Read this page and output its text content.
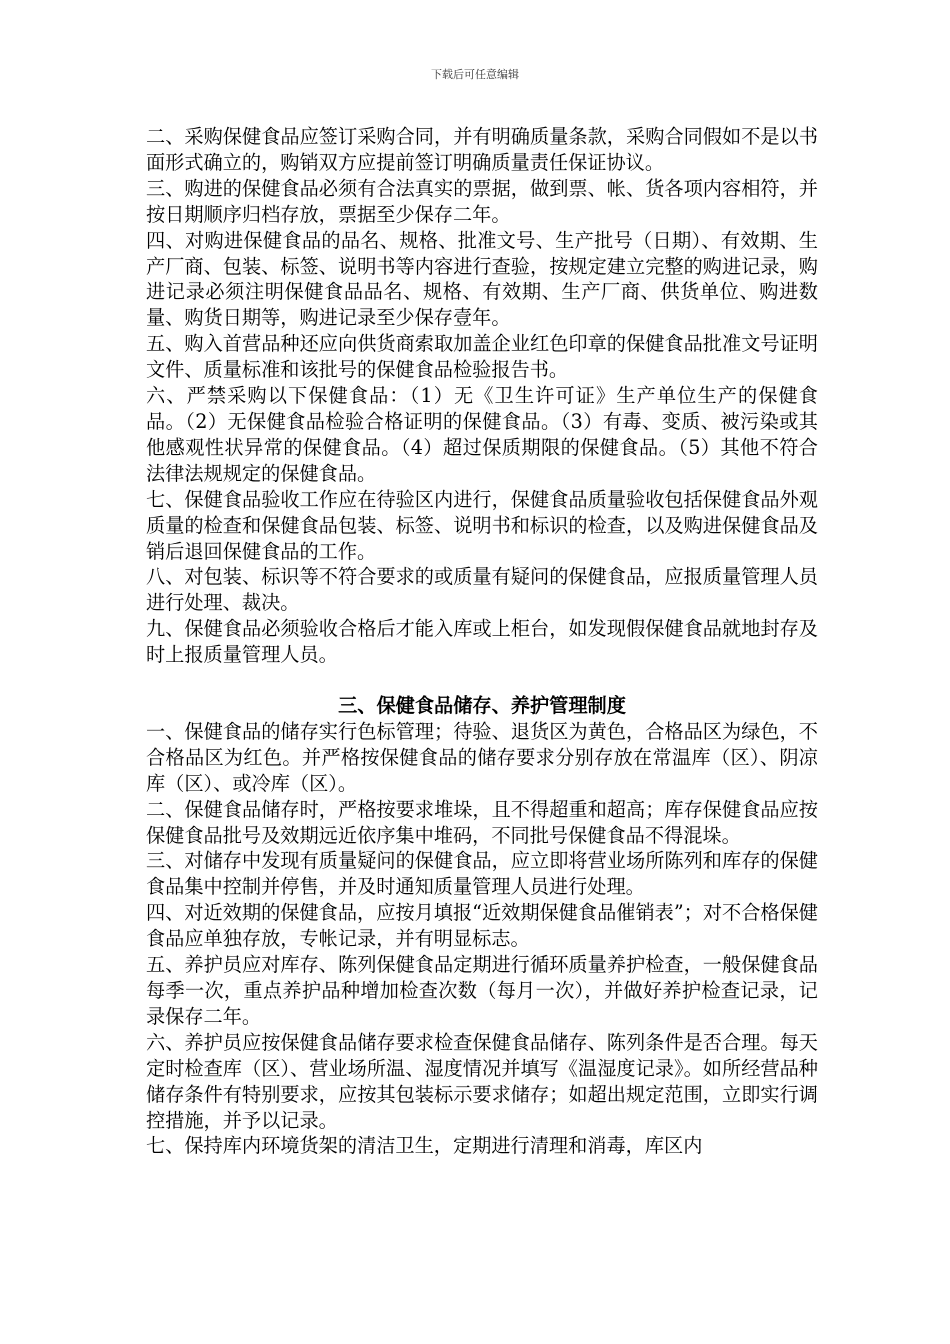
下载后可任意编辑

二、采购保健食品应签订采购合同，并有明确质量条款，采购合同假如不是以书面形式确立的，购销双方应提前签订明确质量责任保证协议。

三、购进的保健食品必须有合法真实的票据，做到票、帐、货各项内容相符，并按日期顺序归档存放，票据至少保存二年。

四、对购进保健食品的品名、规格、批准文号、生产批号（日期）、有效期、生产厂商、包装、标签、说明书等内容进行查验，按规定建立完整的购进记录，购进记录必须注明保健食品品名、规格、有效期、生产厂商、供货单位、购进数量、购货日期等，购进记录至少保存壹年。

五、购入首营品种还应向供货商索取加盖企业红色印章的保健食品批准文号证明文件、质量标准和该批号的保健食品检验报告书。

六、严禁采购以下保健食品：（1）无《卫生许可证》生产单位生产的保健食品。（2）无保健食品检验合格证明的保健食品。（3）有毒、变质、被污染或其他感观性状异常的保健食品。（4）超过保质期限的保健食品。（5）其他不符合法律法规规定的保健食品。

七、保健食品验收工作应在待验区内进行，保健食品质量验收包括保健食品外观质量的检查和保健食品包装、标签、说明书和标识的检查，以及购进保健食品及销后退回保健食品的工作。

八、对包装、标识等不符合要求的或质量有疑问的保健食品，应报质量管理人员进行处理、裁决。

九、保健食品必须验收合格后才能入库或上柜台，如发现假保健食品就地封存及时上报质量管理人员。

三、保健食品储存、养护管理制度

一、保健食品的储存实行色标管理；待验、退货区为黄色，合格品区为绿色，不合格品区为红色。并严格按保健食品的储存要求分别存放在常温库（区）、阴凉库（区）、或冷库（区）。

二、保健食品储存时，严格按要求堆垛，且不得超重和超高；库存保健食品应按保健食品批号及效期远近依序集中堆码，不同批号保健食品不得混垛。

三、对储存中发现有质量疑问的保健食品，应立即将营业场所陈列和库存的保健食品集中控制并停售，并及时通知质量管理人员进行处理。

四、对近效期的保健食品，应按月填报“近效期保健食品催销表”；对不合格保健食品应单独存放，专帐记录，并有明显标志。

五、养护员应对库存、陈列保健食品定期进行循环质量养护检查，一般保健食品每季一次，重点养护品种增加检查次数（每月一次），并做好养护检查记录，记录保存二年。

六、养护员应按保健食品储存要求检查保健食品储存、陈列条件是否合理。每天定时检查库（区）、营业场所温、湿度情况并填写《温湿度记录》。如所经营品种储存条件有特别要求，应按其包装标示要求储存；如超出规定范围，立即实行调控措施，并予以记录。

七、保持库内环境货架的清洁卫生，定期进行清理和消毒，库区内
